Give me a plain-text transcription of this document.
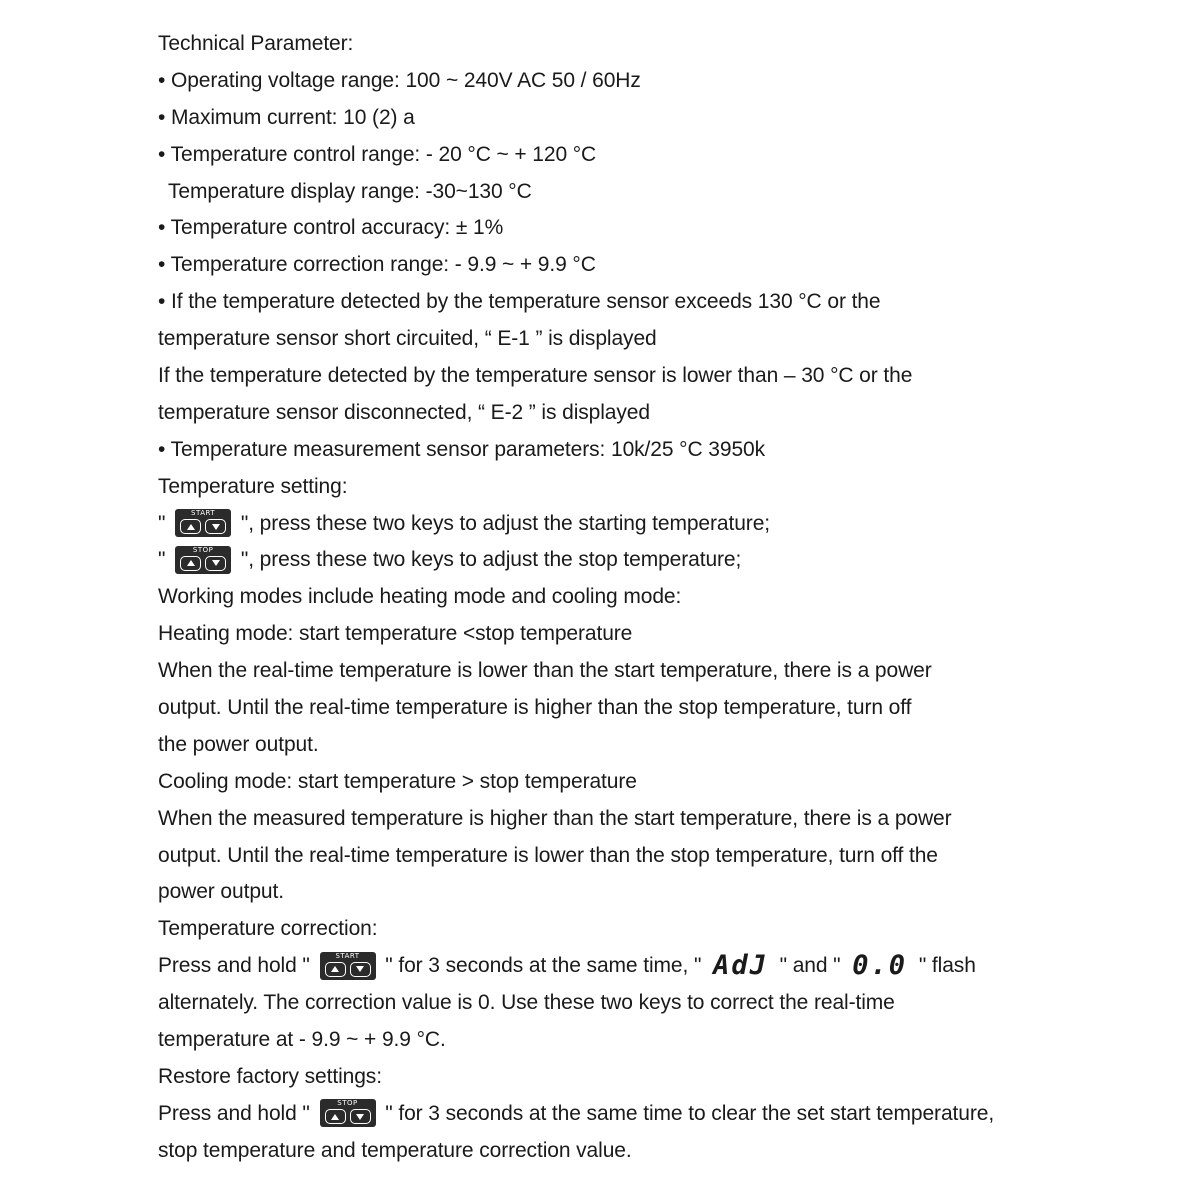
Technical Parameter:
• Operating voltage range: 100 ~ 240V AC 50 / 60Hz
• Maximum current: 10 (2) a
• Temperature control range: - 20 °C ~ + 120 °C
Temperature display range: -30~130 °C
• Temperature control accuracy: ± 1%
• Temperature correction range: - 9.9 ~ + 9.9 °C
• If the temperature detected by the temperature sensor exceeds 130 °C or the
temperature sensor short circuited, “ E-1 ” is displayed
If the temperature detected by the temperature sensor is lower than – 30 °C or the
temperature sensor disconnected, “ E-2 ” is displayed
• Temperature measurement sensor parameters: 10k/25 °C 3950k
Temperature setting:
"	START	", press these two keys to adjust the starting temperature;
"	STOP	", press these two keys to adjust the stop temperature;
Working modes include heating mode and cooling mode:
Heating mode: start temperature <stop temperature
When the real-time temperature is lower than the start temperature, there is a power
output. Until the real-time temperature is higher than the stop temperature, turn off
the power output.
Cooling mode: start temperature > stop temperature
When the measured temperature is higher than the start temperature, there is a power
output. Until the real-time temperature is lower than the stop temperature, turn off the
power output.
Temperature correction:
Press and hold "	START	" for 3 seconds at the same time, " AdJ " and " 0.0 " flash
alternately. The correction value is 0. Use these two keys to correct the real-time
temperature at - 9.9 ~ + 9.9 °C.
Restore factory settings:
Press and hold "	STOP	" for 3 seconds at the same time to clear the set start temperature,
stop temperature and temperature correction value.
